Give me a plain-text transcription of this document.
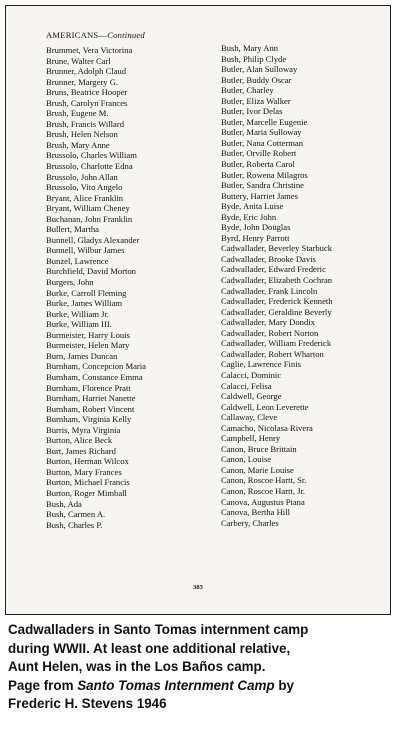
AMERICANS—Continued
Brummet, Vera Victorina
Brune, Walter Carl
Brunner, Adolph Claud
Brunner, Margery G.
Bruns, Beatrice Hooper
Brush, Carolyn Frances
Brush, Eugene M.
Brush, Francis Willard
Brush, Helen Nelson
Brush, Mary Anne
Brussolo, Charles William
Brussolo, Charlotte Edna
Brussolo, John Allan
Brussolo, Vito Angelo
Bryant, Alice Franklin
Bryant, William Cheney
Buchanan, John Franklin
Bullert, Martha
Bunnell, Gladys Alexander
Bunnell, Wilbur James
Bunzel, Lawrence
Burchfield, David Morton
Burgers, John
Burke, Carroll Fleming
Burke, James William
Burke, William Jr.
Burke, William III.
Burmeister, Harry Louis
Burmeister, Helen Mary
Burn, James Duncan
Burnham, Concepcion Maria
Burnham, Constance Emma
Burnham, Florence Pratt
Burnham, Harriet Nanette
Burnham, Robert Vincent
Burnham, Virginia Kelly
Burris, Myra Virginia
Burton, Alice Beck
Burt, James Richard
Burton, Herman Wilcox
Burton, Mary Frances
Burton, Michael Francis
Burton, Roger Mimball
Bush, Ada
Bush, Carmen A.
Bush, Charles P.
Bush, Mary Ann
Bush, Philip Clyde
Butler, Alan Sulloway
Butler, Buddy Oscar
Butler, Charley
Butler, Eliza Walker
Butler, Ivor Delas
Butler, Marcelle Eugenie
Butler, Maria Sulloway
Butler, Nana Cotterman
Butler, Orville Robert
Butler, Roberta Carol
Butler, Rowena Milagros
Butler, Sandra Christine
Buttery, Harriet James
Byde, Anita Luise
Byde, Eric John
Byde, John Douglas
Byrd, Henry Parrott
Cadwallader, Beverley Starbuck
Cadwallader, Brooke Davis
Cadwallader, Edward Frederic
Cadwallader, Elizabeth Cochran
Cadwallader, Frank Lincoln
Cadwallader, Frederick Kenneth
Cadwallader, Geraldine Beverly
Cadwallader, Mary Dondix
Cadwallader, Robert Norton
Cadwallader, William Frederick
Cadwallader, Robert Wharton
Caglie, Lawrence Finis
Calacci, Dominic
Calacci, Felisa
Caldwell, George
Caldwell, Leon Leverette
Callaway, Cleve
Camacho, Nicolasa Rivera
Campbell, Henry
Canon, Bruce Brittain
Canon, Louise
Canon, Marie Louise
Canon, Roscoe Hartt, Sr.
Canon, Roscoe Hartt, Jr.
Canova, Augustus Piana
Canova, Bertha Hill
Carbery, Charles
383
Cadwalladers in Santo Tomas internment camp
during WWII. At least one additional relative,
Aunt Helen, was in the Los Baños camp.
Page from Santo Tomas Internment Camp by
Frederic H. Stevens 1946
